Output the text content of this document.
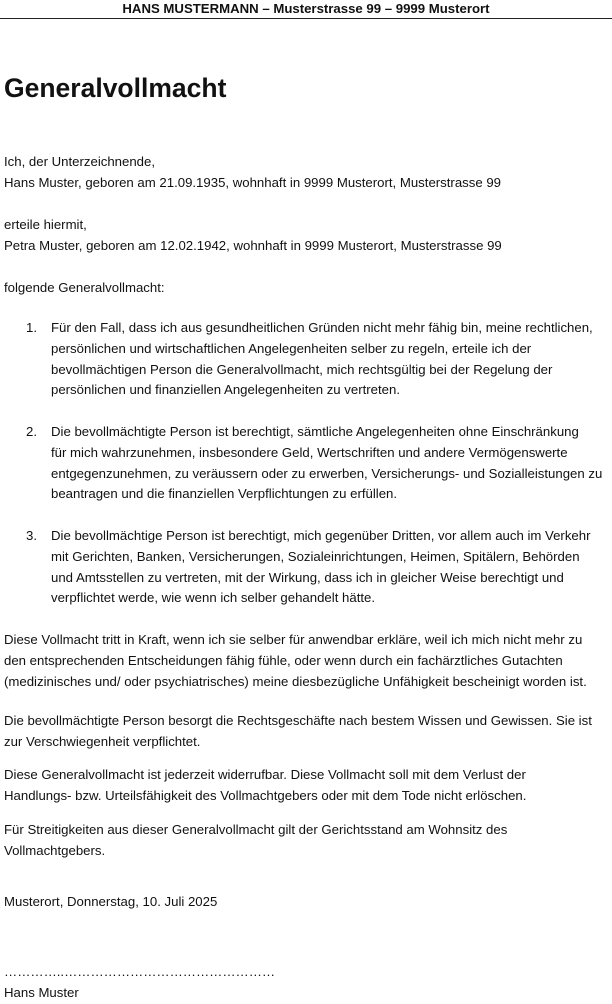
HANS MUSTERMANN – Musterstrasse 99 – 9999 Musterort
Generalvollmacht
Ich, der Unterzeichnende,
Hans Muster, geboren am 21.09.1935, wohnhaft in 9999 Musterort, Musterstrasse 99
erteile hiermit,
Petra Muster, geboren am 12.02.1942, wohnhaft in 9999 Musterort, Musterstrasse 99
folgende Generalvollmacht:
1. Für den Fall, dass ich aus gesundheitlichen Gründen nicht mehr fähig bin, meine rechtlichen,
persönlichen und wirtschaftlichen Angelegenheiten selber zu regeln, erteile ich der
bevollmächtigen Person die Generalvollmacht, mich rechtsgültig bei der Regelung der
persönlichen und finanziellen Angelegenheiten zu vertreten.
2. Die bevollmächtigte Person ist berechtigt, sämtliche Angelegenheiten ohne Einschränkung
für mich wahrzunehmen, insbesondere Geld, Wertschriften und andere Vermögenswerte
entgegenzunehmen, zu veräussern oder zu erwerben, Versicherungs- und Sozialleistungen zu
beantragen und die finanziellen Verpflichtungen zu erfüllen.
3. Die bevollmächtige Person ist berechtigt, mich gegenüber Dritten, vor allem auch im Verkehr
mit Gerichten, Banken, Versicherungen, Sozialeinrichtungen, Heimen, Spitälern, Behörden
und Amtsstellen zu vertreten, mit der Wirkung, dass ich in gleicher Weise berechtigt und
verpflichtet werde, wie wenn ich selber gehandelt hätte.
Diese Vollmacht tritt in Kraft, wenn ich sie selber für anwendbar erkläre, weil ich mich nicht mehr zu
den entsprechenden Entscheidungen fähig fühle, oder wenn durch ein fachärztliches Gutachten
(medizinisches und/ oder psychiatrisches) meine diesbezügliche Unfähigkeit bescheinigt worden ist.
Die bevollmächtigte Person besorgt die Rechtsgeschäfte nach bestem Wissen und Gewissen. Sie ist
zur Verschwiegenheit verpflichtet.
Diese Generalvollmacht ist jederzeit widerrufbar. Diese Vollmacht soll mit dem Verlust der
Handlungs- bzw. Urteilsfähigkeit des Vollmachtgebers oder mit dem Tode nicht erlöschen.
Für Streitigkeiten aus dieser Generalvollmacht gilt der Gerichtsstand am Wohnsitz des
Vollmachtgebers.
Musterort, Donnerstag, 10. Juli 2025
…………..…………………………………………
Hans Muster
